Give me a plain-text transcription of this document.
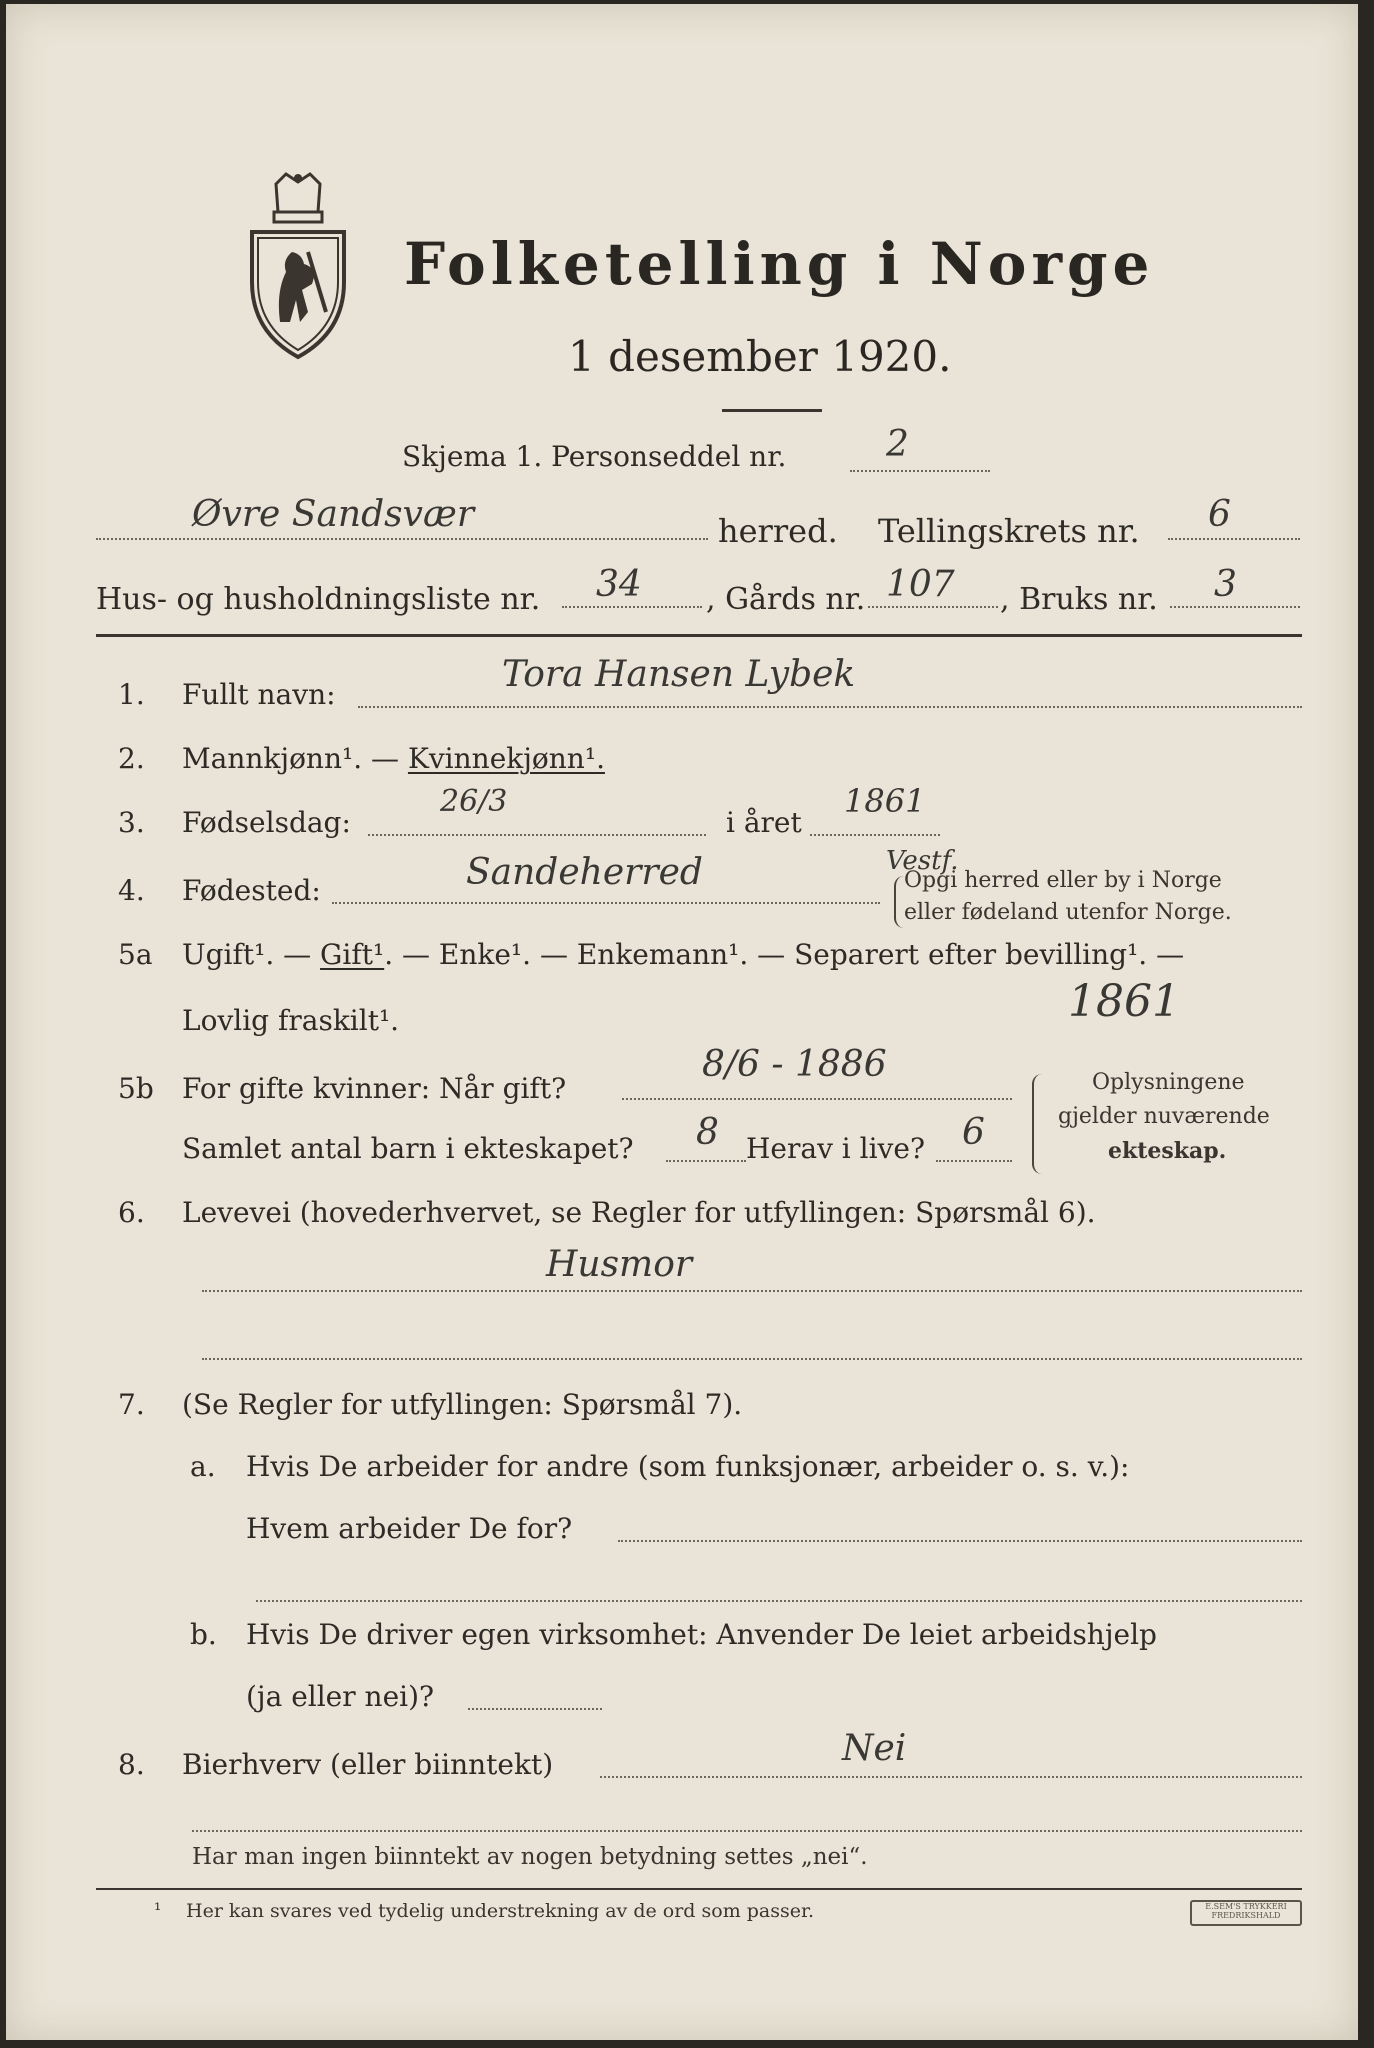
Folketelling i Norge
1 desember 1920.
Skjema 1. Personseddel nr.	2
Øvre Sandsvær	herred. Tellingskrets nr. 6
Hus- og husholdningsliste nr. 34 , Gårds nr. 107 , Bruks nr. 3
1. Fullt navn:	Tora Hansen Lybek
2. Mannkjønn¹. — Kvinnekjønn¹.
3. Fødselsdag:
26/3
i året
1861
4. Fødested:	Sandeherred	Vestf.
Opgi herred eller by i Norge
eller fødeland utenfor Norge.
5a Ugift¹. — Gift¹. — Enke¹. — Enkemann¹. — Separert efter bevilling¹. —
Lovlig fraskilt¹.	1861
5b For gifte kvinner: Når gift?
8/6 - 1886
Samlet antal barn i ekteskapet? 8 Herav i live? 6
Oplysningene
gjelder nuværende
ekteskap.
6. Levevei (hovederhvervet, se Regler for utfyllingen: Spørsmål 6).
Husmor
7. (Se Regler for utfyllingen: Spørsmål 7).
a. Hvis De arbeider for andre (som funksjonær, arbeider o. s. v.):
Hvem arbeider De for?
b. Hvis De driver egen virksomhet: Anvender De leiet arbeidshjelp
(ja eller nei)?
8. Bierhverv (eller biinntekt)	Nei
Har man ingen biinntekt av nogen betydning settes „nei“.
¹ Her kan svares ved tydelig understrekning av de ord som passer.	E.SEM'S TRYKKERI
FREDRIKSHALD
